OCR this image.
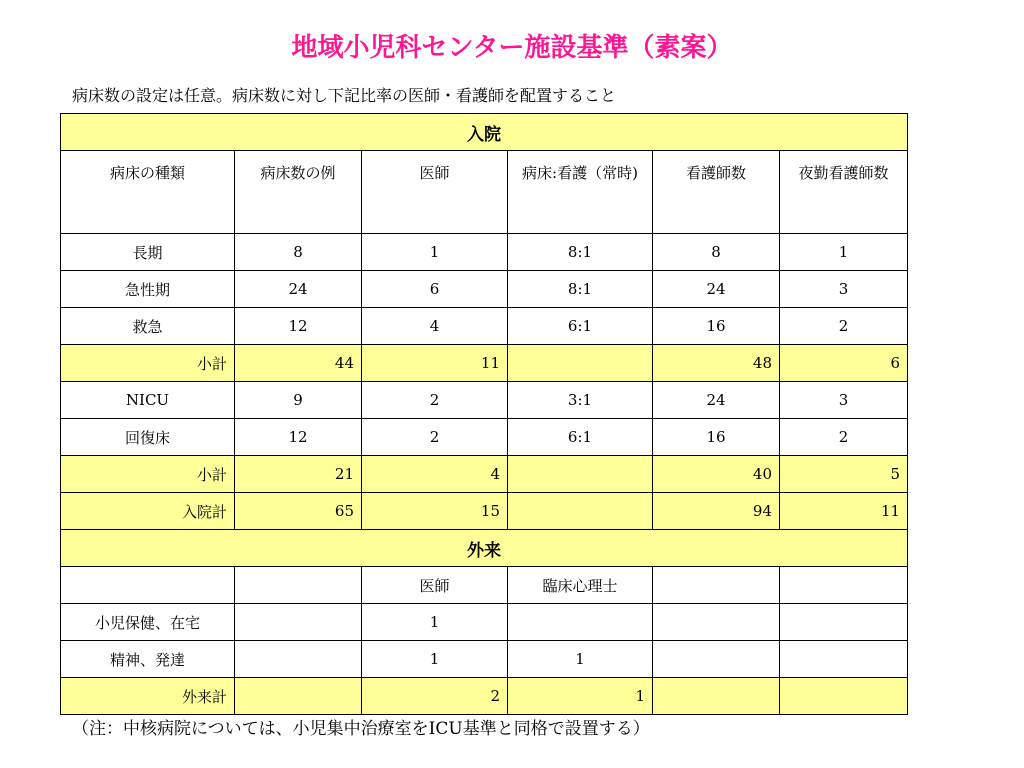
地域小児科センター施設基準（素案）
病床数の設定は任意。病床数に対し下記比率の医師・看護師を配置すること
入院					
病床の種類	病床数の例	医師	病床:看護（常時)	看護師数	夜勤看護師数
長期	8	1	8:1	8	1
急性期	24	6	8:1	24	3
救急	12	4	6:1	16	2
小計	44	11		48	6
NICU	9	2	3:1	24	3
回復床	12	2	6:1	16	2
小計	21	4		40	5
入院計	65	15		94	11
外来					
		医師	臨床心理士		
小児保健、在宅		1			
精神、発達		1	1		
外来計		2	1		
（注：中核病院については、小児集中治療室をICU基準と同格で設置する）
